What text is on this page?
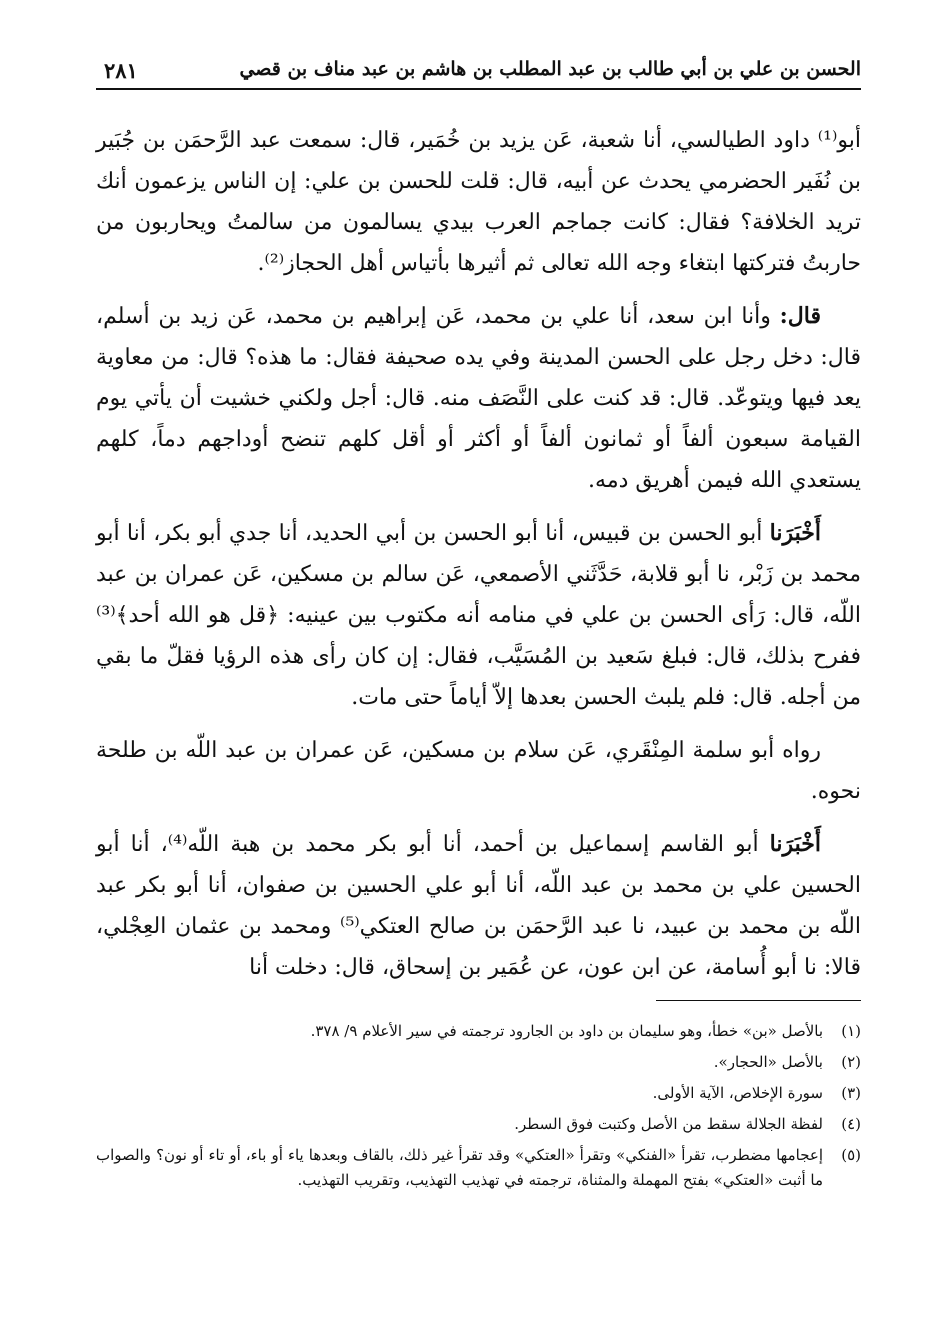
الحسن بن علي بن أبي طالب بن عبد المطلب بن هاشم بن عبد مناف بن قصي
٢٨١

أبو⁽¹⁾ داود الطيالسي، أنا شعبة، عَن يزيد بن خُمَير، قال: سمعت عبد الرَّحمَن بن جُبَير بن نُفَير الحضرمي يحدث عن أبيه، قال: قلت للحسن بن علي: إن الناس يزعمون أنك تريد الخلافة؟ فقال: كانت جماجم العرب بيدي يسالمون من سالمتُ ويحاربون من حاربتُ فتركتها ابتغاء وجه الله تعالى ثم أثيرها بأتياس أهل الحجاز⁽²⁾.

قال: وأنا ابن سعد، أنا علي بن محمد، عَن إبراهيم بن محمد، عَن زيد بن أسلم، قال: دخل رجل على الحسن المدينة وفي يده صحيفة فقال: ما هذه؟ قال: من معاوية يعد فيها ويتوعّد. قال: قد كنت على النَّصَف منه. قال: أجل ولكني خشيت أن يأتي يوم القيامة سبعون ألفاً أو ثمانون ألفاً أو أكثر أو أقل كلهم تنضح أوداجهم دماً، كلهم يستعدي الله فيمن أهريق دمه.

أَخْبَرَنا أبو الحسن بن قبيس، أنا أبو الحسن بن أبي الحديد، أنا جدي أبو بكر، أنا أبو محمد بن زَبْر، نا أبو قلابة، حَدَّثَني الأصمعي، عَن سالم بن مسكين، عَن عمران بن عبد اللّه، قال: رَأى الحسن بن علي في منامه أنه مكتوب بين عينيه: ﴿قل هو الله أحد﴾⁽³⁾ ففرح بذلك، قال: فبلغ سَعيد بن المُسَيَّب، فقال: إن كان رأى هذه الرؤيا فقلّ ما بقي من أجله. قال: فلم يلبث الحسن بعدها إلاّ أياماً حتى مات.

رواه أبو سلمة المِنْقَري، عَن سلام بن مسكين، عَن عمران بن عبد اللّه بن طلحة نحوه.

أَخْبَرَنا أبو القاسم إسماعيل بن أحمد، أنا أبو بكر محمد بن هبة اللّه⁽⁴⁾، أنا أبو الحسين علي بن محمد بن عبد اللّه، أنا أبو علي الحسين بن صفوان، أنا أبو بكر عبد اللّه بن محمد بن عبيد، نا عبد الرَّحمَن بن صالح العتكي⁽⁵⁾ ومحمد بن عثمان العِجْلي، قالا: نا أبو أُسامة، عن ابن عون، عن عُمَير بن إسحاق، قال: دخلت أنا

(١)
بالأصل «بن» خطأ، وهو سليمان بن داود بن الجارود ترجمته في سير الأعلام ٩/ ٣٧٨.
(٢)
بالأصل «الحجار».
(٣)
سورة الإخلاص، الآية الأولى.
(٤)
لفظة الجلالة سقط من الأصل وكتبت فوق السطر.
(٥)
إعجامها مضطرب، تقرأ «الفنكي» وتقرأ «العتكي» وقد تقرأ غير ذلك، بالقاف وبعدها ياء أو باء، أو تاء أو نون؟ والصواب ما أثبت «العتكي» بفتح المهملة والمثناة، ترجمته في تهذيب التهذيب، وتقريب التهذيب.
